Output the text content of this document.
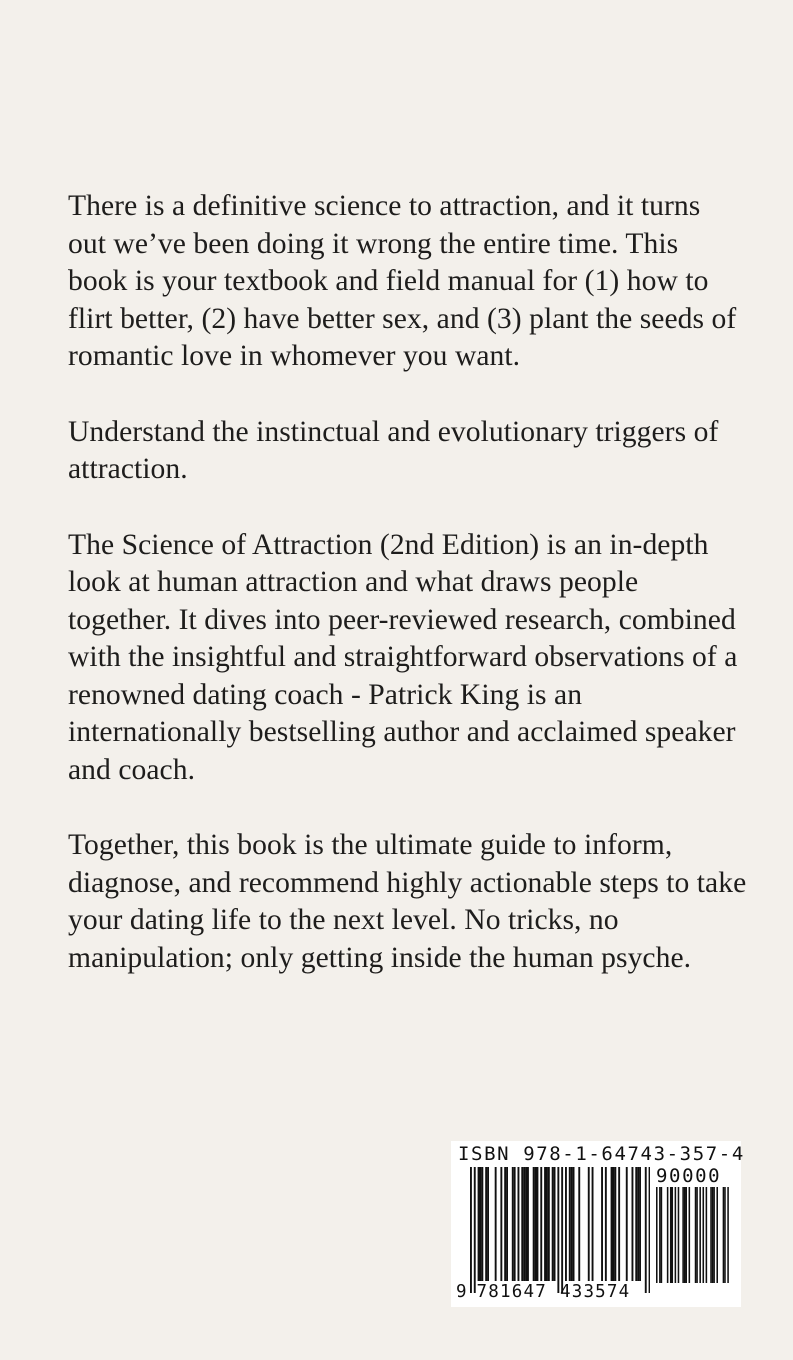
There is a definitive science to attraction, and it turns
out we’ve been doing it wrong the entire time. This
book is your textbook and field manual for (1) how to
flirt better, (2) have better sex, and (3) plant the seeds of
romantic love in whomever you want.

Understand the instinctual and evolutionary triggers of
attraction.

The Science of Attraction (2nd Edition) is an in-depth
look at human attraction and what draws people
together. It dives into peer-reviewed research, combined
with the insightful and straightforward observations of a
renowned dating coach - Patrick King is an
internationally bestselling author and acclaimed speaker
and coach.

Together, this book is the ultimate guide to inform,
diagnose, and recommend highly actionable steps to take
your dating life to the next level. No tricks, no
manipulation; only getting inside the human psyche.

ISBN 978-1-64743-357-4
90000
9 781647 433574
